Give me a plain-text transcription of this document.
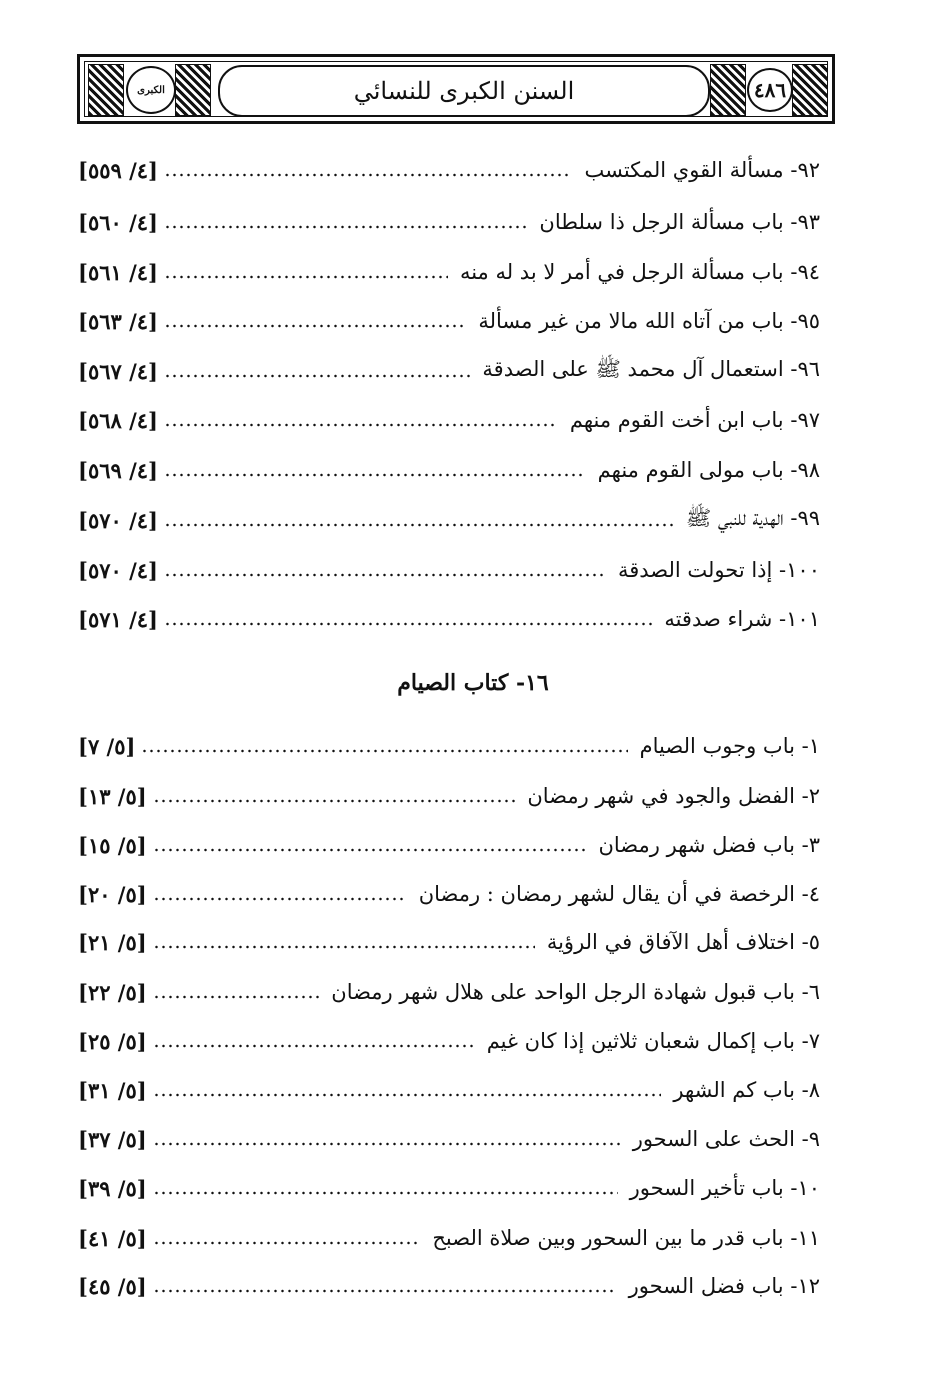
الكبرى	السنن الكبرى للنسائي	٤٨٦
٩٢- مسألة القوي المكتسب
[٤/ ٥٥٩]
٩٣- باب مسألة الرجل ذا سلطان
[٤/ ٥٦٠]
٩٤- باب مسألة الرجل في أمر لا بد له منه
[٤/ ٥٦١]
٩٥- باب من آتاه الله مالا من غير مسألة
[٤/ ٥٦٣]
٩٦- استعمال آل محمد ﷺ على الصدقة
[٤/ ٥٦٧]
٩٧- باب ابن أخت القوم منهم
[٤/ ٥٦٨]
٩٨- باب مولى القوم منهم
[٤/ ٥٦٩]
٩٩- الهدية للنبي ﷺ
[٤/ ٥٧٠]
١٠٠- إذا تحولت الصدقة
[٤/ ٥٧٠]
١٠١- شراء صدقته
[٤/ ٥٧١]
١٦- كتاب الصيام
١- باب وجوب الصيام
[٥/ ٧]
٢- الفضل والجود في شهر رمضان
[٥/ ١٣]
٣- باب فضل شهر رمضان
[٥/ ١٥]
٤- الرخصة في أن يقال لشهر رمضان : رمضان
[٥/ ٢٠]
٥- اختلاف أهل الآفاق في الرؤية
[٥/ ٢١]
٦- باب قبول شهادة الرجل الواحد على هلال شهر رمضان
[٥/ ٢٢]
٧- باب إكمال شعبان ثلاثين إذا كان غيم
[٥/ ٢٥]
٨- باب كم الشهر
[٥/ ٣١]
٩- الحث على السحور
[٥/ ٣٧]
١٠- باب تأخير السحور
[٥/ ٣٩]
١١- باب قدر ما بين السحور وبين صلاة الصبح
[٥/ ٤١]
١٢- باب فضل السحور
[٥/ ٤٥]
